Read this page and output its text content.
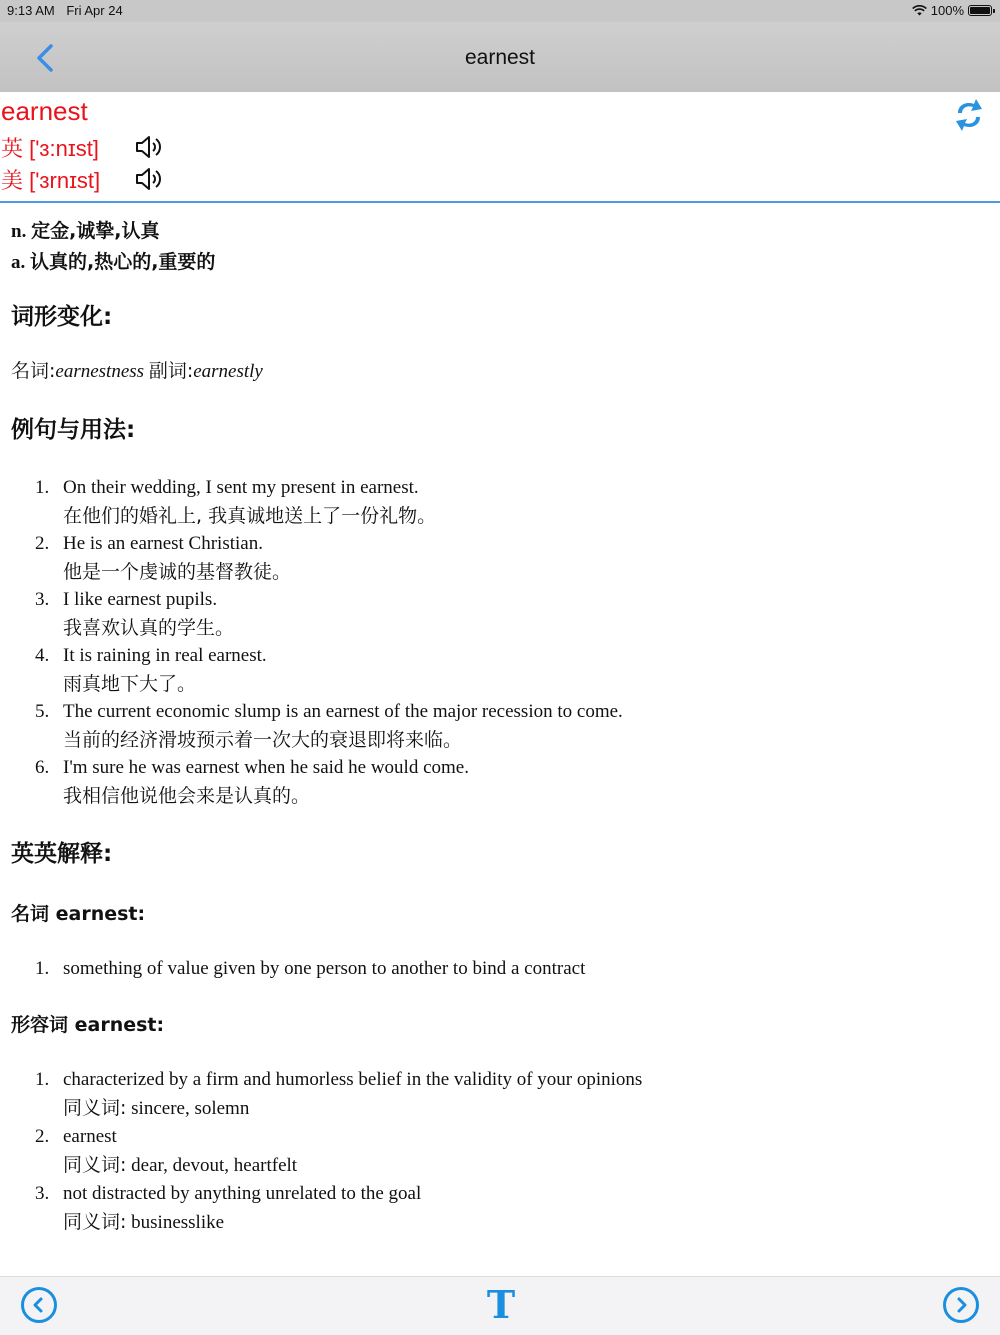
9:13 AM Fri Apr 24	100%
earnest
earnest
英 ['ɜ:nɪst]
美 ['ɜrnɪst]
n. 定金,诚挚,认真
a. 认真的,热心的,重要的
词形变化:
名词:earnestness 副词:earnestly
例句与用法:
1. On their wedding, I sent my present in earnest.
在他们的婚礼上, 我真诚地送上了一份礼物。
2. He is an earnest Christian.
他是一个虔诚的基督教徒。
3. I like earnest pupils.
我喜欢认真的学生。
4. It is raining in real earnest.
雨真地下大了。
5. The current economic slump is an earnest of the major recession to come.
当前的经济滑坡预示着一次大的衰退即将来临。
6. I'm sure he was earnest when he said he would come.
我相信他说他会来是认真的。
英英解释:
名词 earnest:
1. something of value given by one person to another to bind a contract
形容词 earnest:
1. characterized by a firm and humorless belief in the validity of your opinions
同义词: sincere, solemn
2. earnest
同义词: dear, devout, heartfelt
3. not distracted by anything unrelated to the goal
同义词: businesslike
T
